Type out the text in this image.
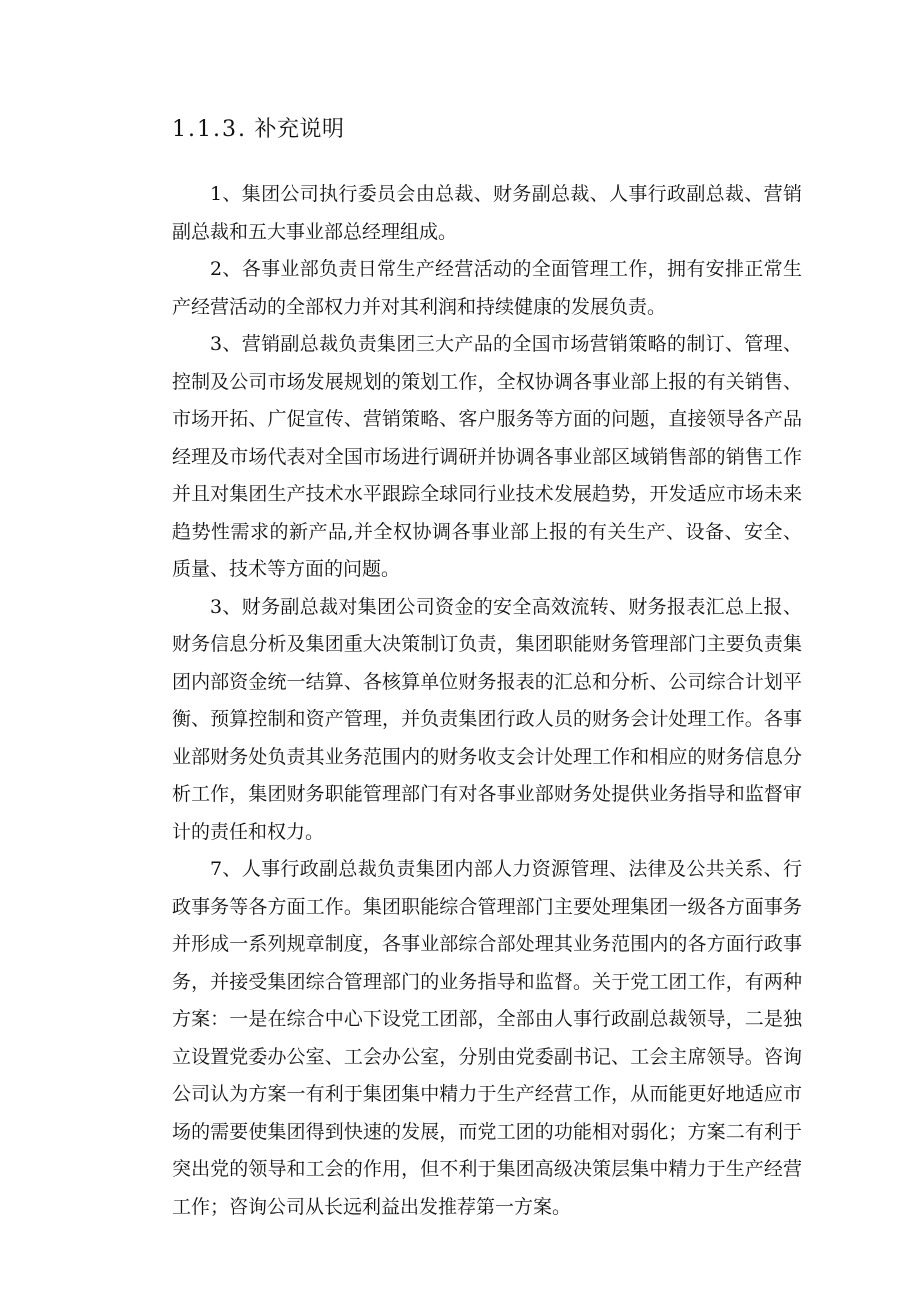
1.1.3. 补充说明

1、集团公司执行委员会由总裁、财务副总裁、人事行政副总裁、营销副总裁和五大事业部总经理组成。

2、各事业部负责日常生产经营活动的全面管理工作，拥有安排正常生产经营活动的全部权力并对其利润和持续健康的发展负责。

3、营销副总裁负责集团三大产品的全国市场营销策略的制订、管理、控制及公司市场发展规划的策划工作，全权协调各事业部上报的有关销售、市场开拓、广促宣传、营销策略、客户服务等方面的问题，直接领导各产品经理及市场代表对全国市场进行调研并协调各事业部区域销售部的销售工作并且对集团生产技术水平跟踪全球同行业技术发展趋势，开发适应市场未来趋势性需求的新产品,并全权协调各事业部上报的有关生产、设备、安全、质量、技术等方面的问题。

3、财务副总裁对集团公司资金的安全高效流转、财务报表汇总上报、财务信息分析及集团重大决策制订负责，集团职能财务管理部门主要负责集团内部资金统一结算、各核算单位财务报表的汇总和分析、公司综合计划平衡、预算控制和资产管理，并负责集团行政人员的财务会计处理工作。各事业部财务处负责其业务范围内的财务收支会计处理工作和相应的财务信息分析工作，集团财务职能管理部门有对各事业部财务处提供业务指导和监督审计的责任和权力。

7、人事行政副总裁负责集团内部人力资源管理、法律及公共关系、行政事务等各方面工作。集团职能综合管理部门主要处理集团一级各方面事务并形成一系列规章制度，各事业部综合部处理其业务范围内的各方面行政事务，并接受集团综合管理部门的业务指导和监督。关于党工团工作，有两种方案：一是在综合中心下设党工团部，全部由人事行政副总裁领导，二是独立设置党委办公室、工会办公室，分别由党委副书记、工会主席领导。咨询公司认为方案一有利于集团集中精力于生产经营工作，从而能更好地适应市场的需要使集团得到快速的发展，而党工团的功能相对弱化；方案二有利于突出党的领导和工会的作用，但不利于集团高级决策层集中精力于生产经营工作；咨询公司从长远利益出发推荐第一方案。
